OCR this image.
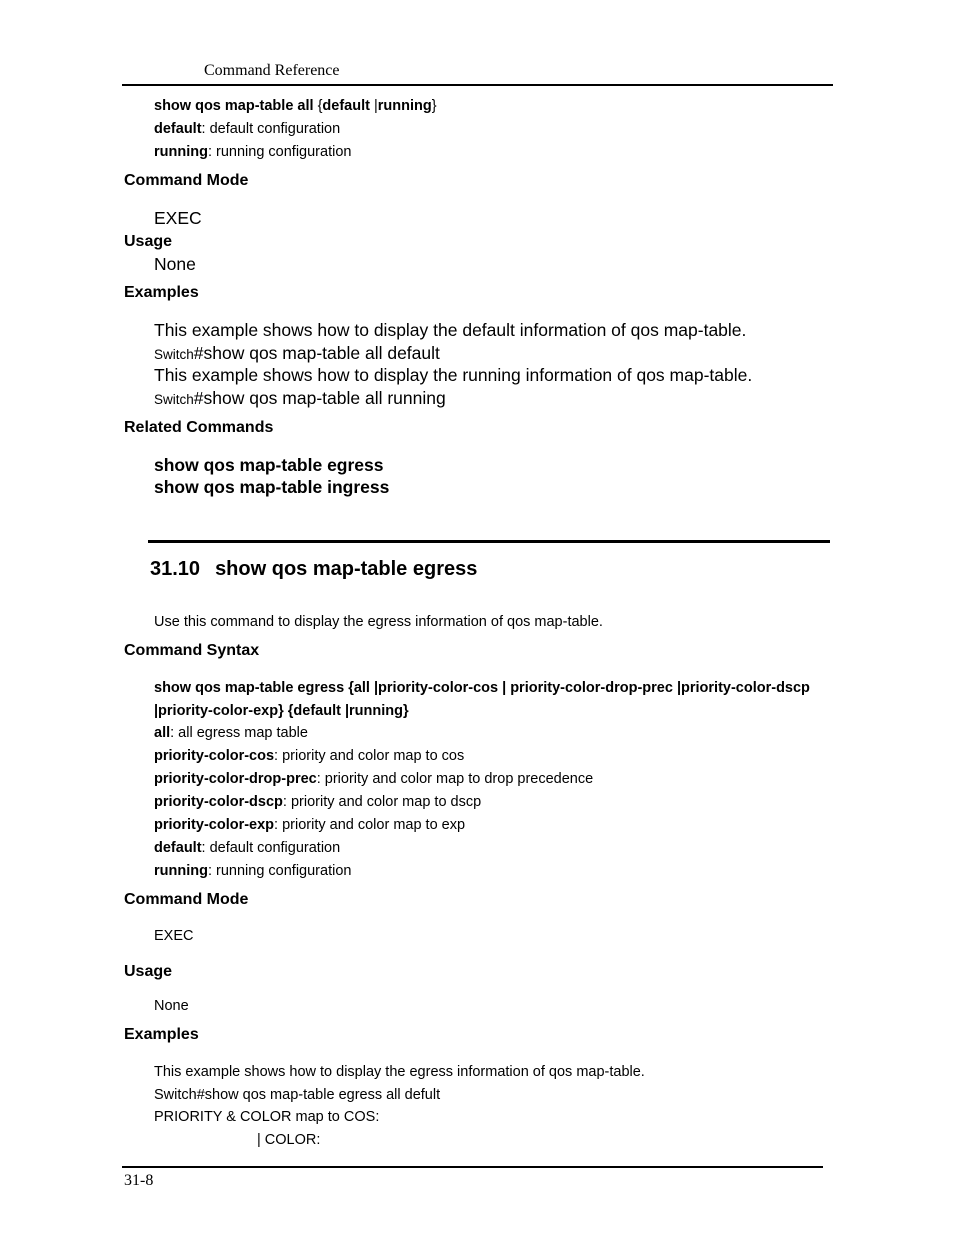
Command Reference
show qos map-table all {default |running}
default: default configuration
running: running configuration
Command Mode
EXEC
Usage
None
Examples
This example shows how to display the default information of qos map-table.
Switch#show qos map-table all default
This example shows how to display the running information of qos map-table.
Switch#show qos map-table all running
Related Commands
show qos map-table egress
show qos map-table ingress
31.10 show qos map-table egress
Use this command to display the egress information of qos map-table.
Command Syntax
show qos map-table egress {all |priority-color-cos | priority-color-drop-prec |priority-color-dscp
|priority-color-exp} {default |running}
all: all egress map table
priority-color-cos: priority and color map to cos
priority-color-drop-prec: priority and color map to drop precedence
priority-color-dscp: priority and color map to dscp
priority-color-exp: priority and color map to exp
default: default configuration
running: running configuration
Command Mode
EXEC
Usage
None
Examples
This example shows how to display the egress information of qos map-table.
Switch#show qos map-table egress all defult
PRIORITY & COLOR map to COS:
| COLOR:
31-8
